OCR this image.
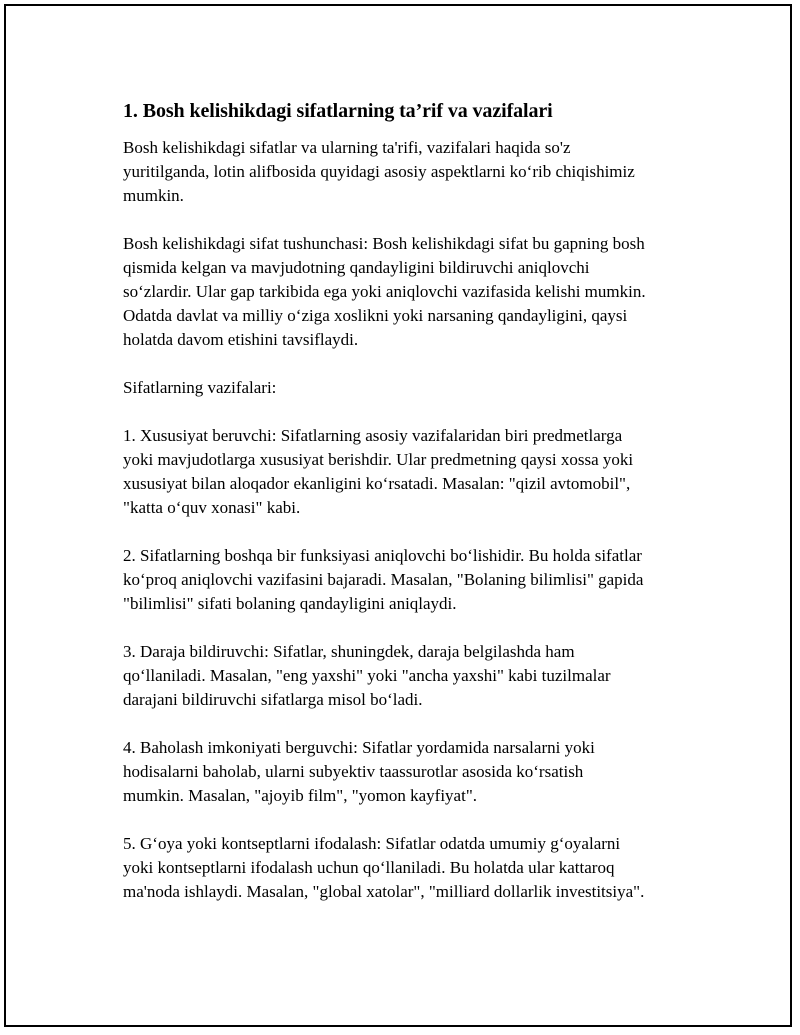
1. Bosh kelishikdagi sifatlarning ta’rif va vazifalari

Bosh kelishikdagi sifatlar va ularning ta'rifi, vazifalari haqida so'z
yuritilganda, lotin alifbosida quyidagi asosiy aspektlarni ko‘rib chiqishimiz
mumkin.

Bosh kelishikdagi sifat tushunchasi: Bosh kelishikdagi sifat bu gapning bosh
qismida kelgan va mavjudotning qandayligini bildiruvchi aniqlovchi
so‘zlardir. Ular gap tarkibida ega yoki aniqlovchi vazifasida kelishi mumkin.
Odatda davlat va milliy o‘ziga xoslikni yoki narsaning qandayligini, qaysi
holatda davom etishini tavsiflaydi.

Sifatlarning vazifalari:

1. Xususiyat beruvchi: Sifatlarning asosiy vazifalaridan biri predmetlarga
yoki mavjudotlarga xususiyat berishdir. Ular predmetning qaysi xossa yoki
xususiyat bilan aloqador ekanligini ko‘rsatadi. Masalan: "qizil avtomobil",
"katta o‘quv xonasi" kabi.

2. Sifatlarning boshqa bir funksiyasi aniqlovchi bo‘lishidir. Bu holda sifatlar
ko‘proq aniqlovchi vazifasini bajaradi. Masalan, "Bolaning bilimlisi" gapida
"bilimlisi" sifati bolaning qandayligini aniqlaydi.

3. Daraja bildiruvchi: Sifatlar, shuningdek, daraja belgilashda ham
qo‘llaniladi. Masalan, "eng yaxshi" yoki "ancha yaxshi" kabi tuzilmalar
darajani bildiruvchi sifatlarga misol bo‘ladi.

4. Baholash imkoniyati berguvchi: Sifatlar yordamida narsalarni yoki
hodisalarni baholab, ularni subyektiv taassurotlar asosida ko‘rsatish
mumkin. Masalan, "ajoyib film", "yomon kayfiyat".

5. G‘oya yoki kontseptlarni ifodalash: Sifatlar odatda umumiy g‘oyalarni
yoki kontseptlarni ifodalash uchun qo‘llaniladi. Bu holatda ular kattaroq
ma'noda ishlaydi. Masalan, "global xatolar", "milliard dollarlik investitsiya".
